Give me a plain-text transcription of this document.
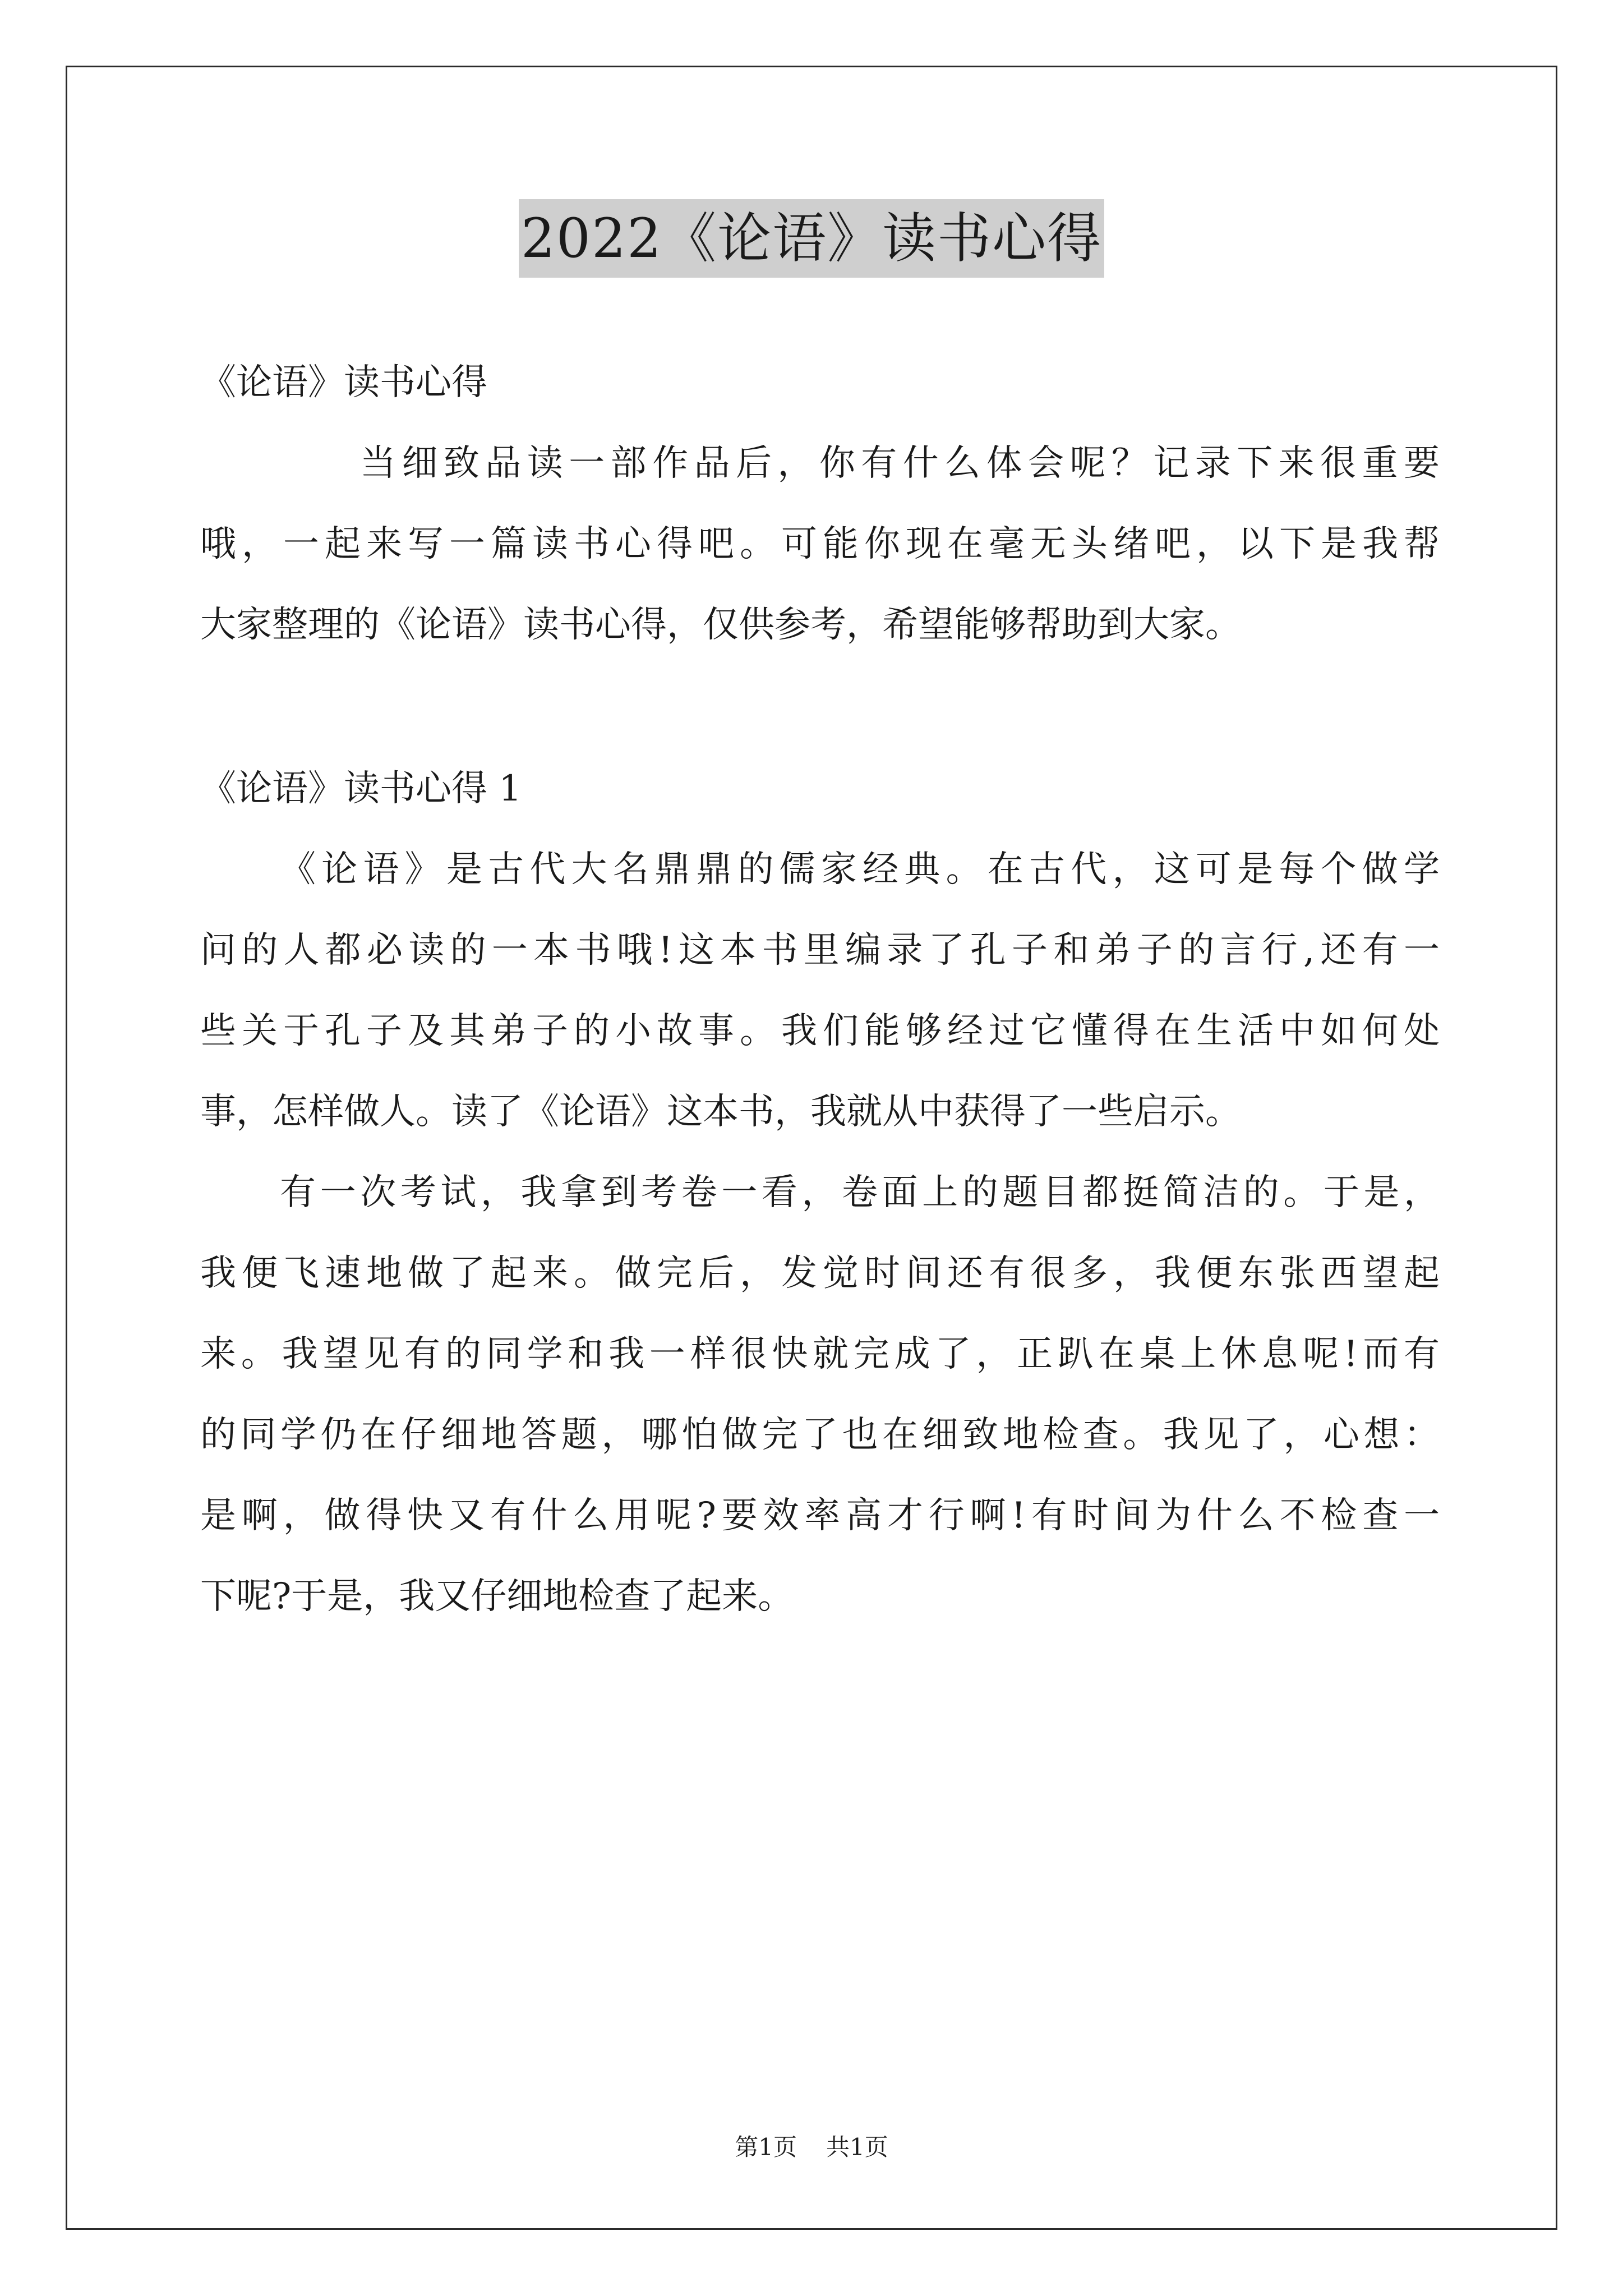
2022《论语》读书心得
《论语》读书心得
当细致品读一部作品后，你有什么体会呢？记录下来很重要
哦，一起来写一篇读书心得吧。可能你现在毫无头绪吧，以下是我帮
大家整理的《论语》读书心得，仅供参考，希望能够帮助到大家。
《论语》读书心得 1
《论语》是古代大名鼎鼎的儒家经典。在古代，这可是每个做学
问的人都必读的一本书哦!这本书里编录了孔子和弟子的言行,还有一
些关于孔子及其弟子的小故事。我们能够经过它懂得在生活中如何处
事，怎样做人。读了《论语》这本书，我就从中获得了一些启示。
有一次考试，我拿到考卷一看，卷面上的题目都挺简洁的。于是，
我便飞速地做了起来。做完后，发觉时间还有很多，我便东张西望起
来。我望见有的同学和我一样很快就完成了，正趴在桌上休息呢!而有
的同学仍在仔细地答题，哪怕做完了也在细致地检查。我见了，心想：
是啊，做得快又有什么用呢?要效率高才行啊!有时间为什么不检查一
下呢?于是，我又仔细地检查了起来。
第1页 共1页
